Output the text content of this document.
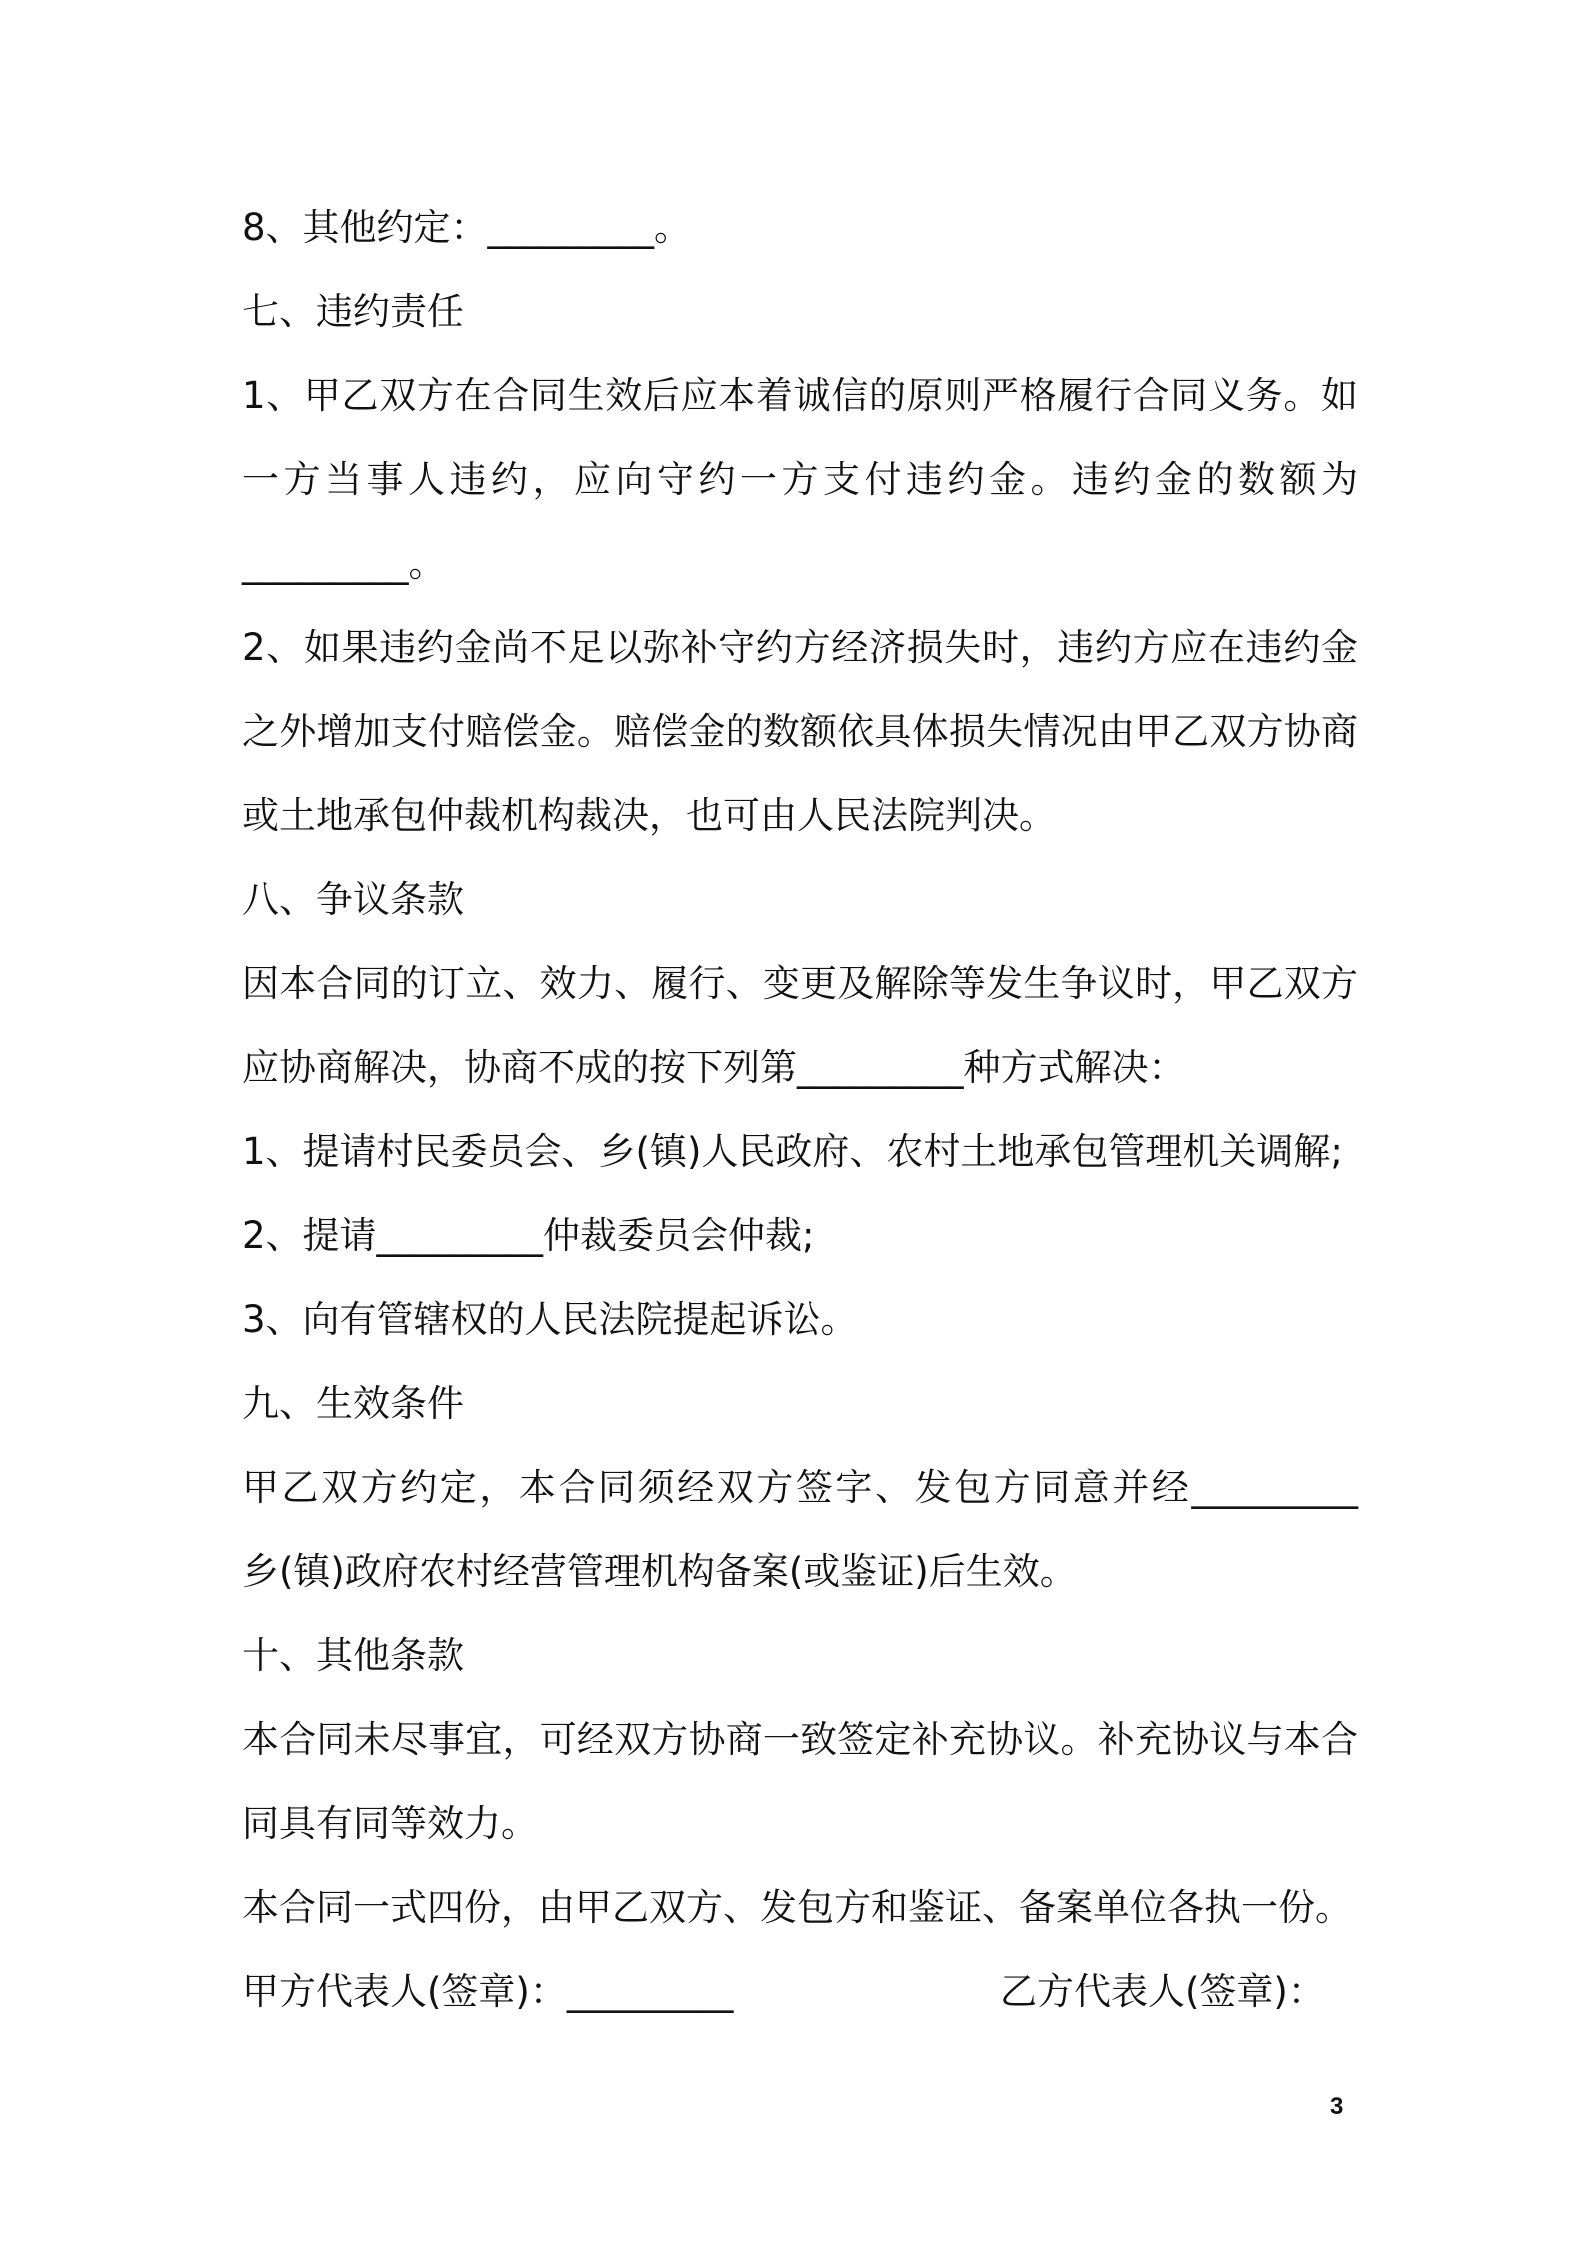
8、其他约定：_________。

七、违约责任

1、甲乙双方在合同生效后应本着诚信的原则严格履行合同义务。如

一方当事人违约，应向守约一方支付违约金。违约金的数额为

_________。

2、如果违约金尚不足以弥补守约方经济损失时，违约方应在违约金

之外增加支付赔偿金。赔偿金的数额依具体损失情况由甲乙双方协商

或土地承包仲裁机构裁决，也可由人民法院判决。

八、争议条款

因本合同的订立、效力、履行、变更及解除等发生争议时，甲乙双方

应协商解决，协商不成的按下列第_________种方式解决：

1、提请村民委员会、乡(镇)人民政府、农村土地承包管理机关调解;

2、提请_________仲裁委员会仲裁;

3、向有管辖权的人民法院提起诉讼。

九、生效条件

甲乙双方约定，本合同须经双方签字、发包方同意并经_________

乡(镇)政府农村经营管理机构备案(或鉴证)后生效。

十、其他条款

本合同未尽事宜，可经双方协商一致签定补充协议。补充协议与本合

同具有同等效力。

本合同一式四份，由甲乙双方、发包方和鉴证、备案单位各执一份。

甲方代表人(签章)：_________	乙方代表人(签章)：

3
